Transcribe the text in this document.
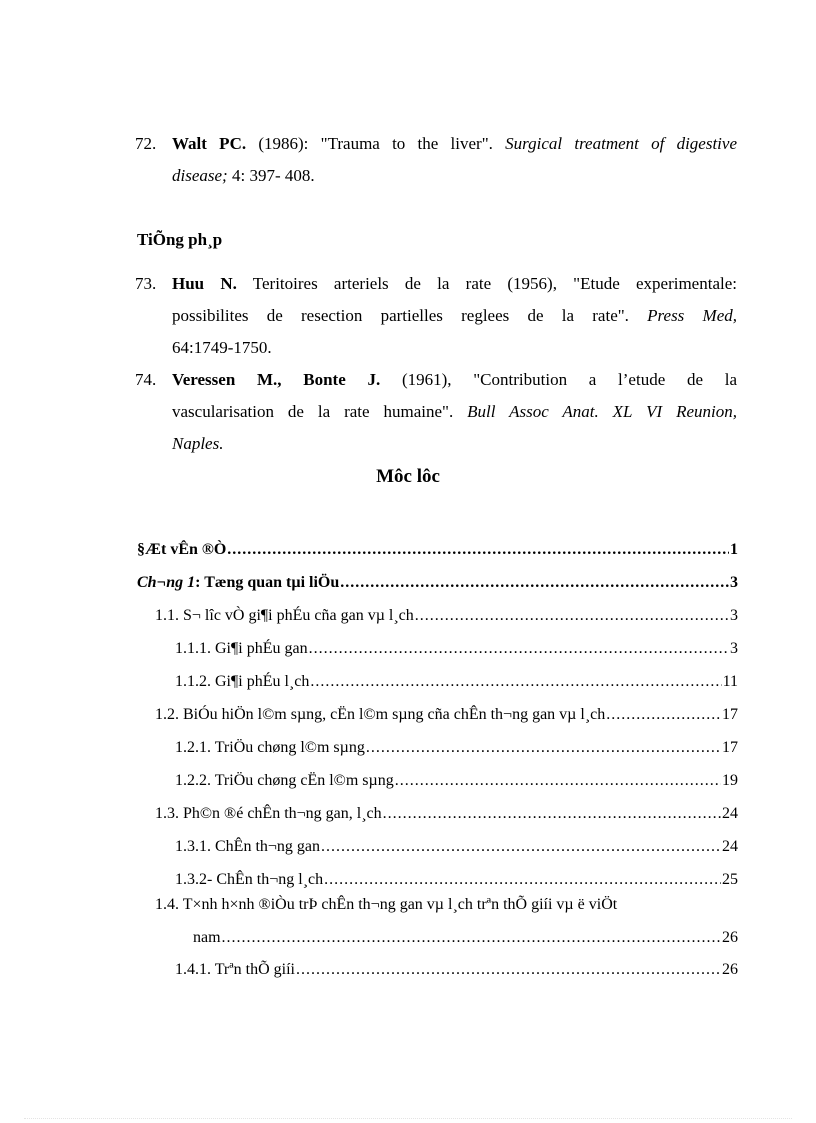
72. Walt PC. (1986): "Trauma to the liver". Surgical treatment of digestive
disease; 4: 397- 408.
TiÕng ph¸p
73. Huu N. Teritoires arteriels de la rate (1956), "Etude experimentale:
possibilites de resection partielles reglees de la rate". Press Med,
64:1749-1750.
74. Veressen M., Bonte J. (1961), "Contribution a l’etude de la
vascularisation de la rate humaine". Bull Assoc Anat. XL VI Reunion,
Naples.
Môc lôc
§Æt vÊn ®Ò .....	1
Ch¬ng 1: Tæng quan tµi liÖu .....	3
1.1. S¬ lîc vÒ gi¶i phÉu cña gan vµ l¸ch .....	3
1.1.1. Gi¶i phÉu gan .....	3
1.1.2. Gi¶i phÉu l¸ch .....	11
1.2. BiÓu hiÖn l©m sµng, cËn l©m sµng cña chÊn th¬ng gan vµ l¸ch .....	17
1.2.1. TriÖu chøng l©m sµng .....	17
1.2.2. TriÖu chøng cËn l©m sµng .....	19
1.3. Ph©n ®é chÊn th¬ng gan, l¸ch .....	24
1.3.1. ChÊn th¬ng gan .....	24
1.3.2- ChÊn th¬ng l¸ch .....	25
1.4. T×nh h×nh ®iÒu trÞ chÊn th¬ng gan vµ l¸ch trªn thÕ giíi vµ ë viÖt
nam .....	26
1.4.1. Trªn thÕ giíi .....	26
